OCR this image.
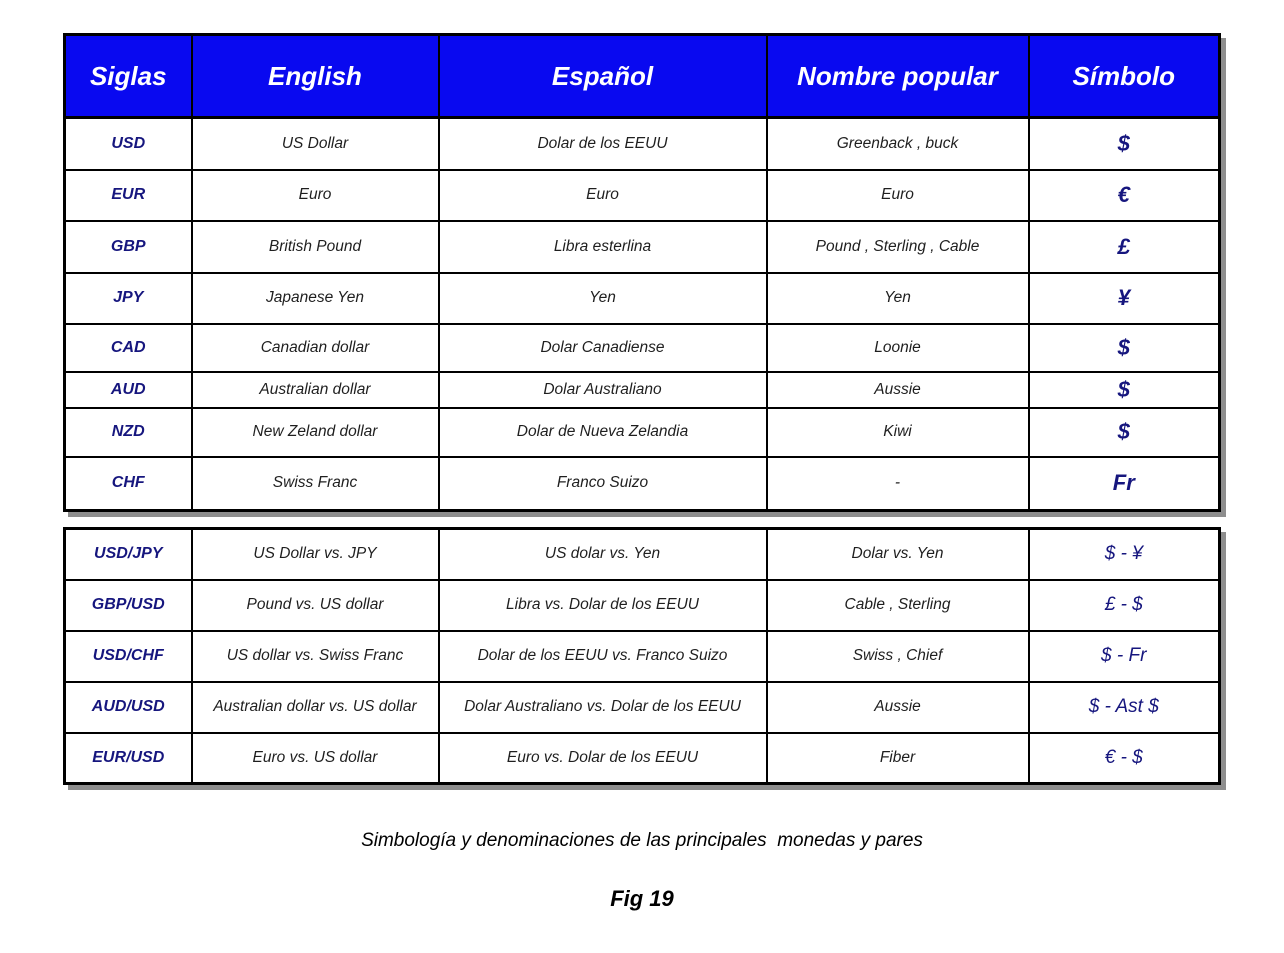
Siglas	English	Español	Nombre popular	Símbolo
USD	US Dollar	Dolar de los EEUU	Greenback , buck	$
EUR	Euro	Euro	Euro	€
GBP	British Pound	Libra esterlina	Pound , Sterling , Cable	£
JPY	Japanese Yen	Yen	Yen	¥
CAD	Canadian dollar	Dolar Canadiense	Loonie	$
AUD	Australian dollar	Dolar Australiano	Aussie	$
NZD	New Zeland dollar	Dolar de Nueva Zelandia	Kiwi	$
CHF	Swiss Franc	Franco Suizo	-	Fr
USD/JPY	US Dollar vs. JPY	US dolar vs. Yen	Dolar vs. Yen	$ - ¥
GBP/USD	Pound vs. US dollar	Libra vs. Dolar de los EEUU	Cable , Sterling	£ - $
USD/CHF	US dollar vs. Swiss Franc	Dolar de los EEUU vs. Franco Suizo	Swiss , Chief	$ - Fr
AUD/USD	Australian dollar vs. US dollar	Dolar Australiano vs. Dolar de los EEUU	Aussie	$ - Ast $
EUR/USD	Euro vs. US dollar	Euro vs. Dolar de los EEUU	Fiber	€ - $
Simbología y denominaciones de las principales  monedas y pares
Fig 19
